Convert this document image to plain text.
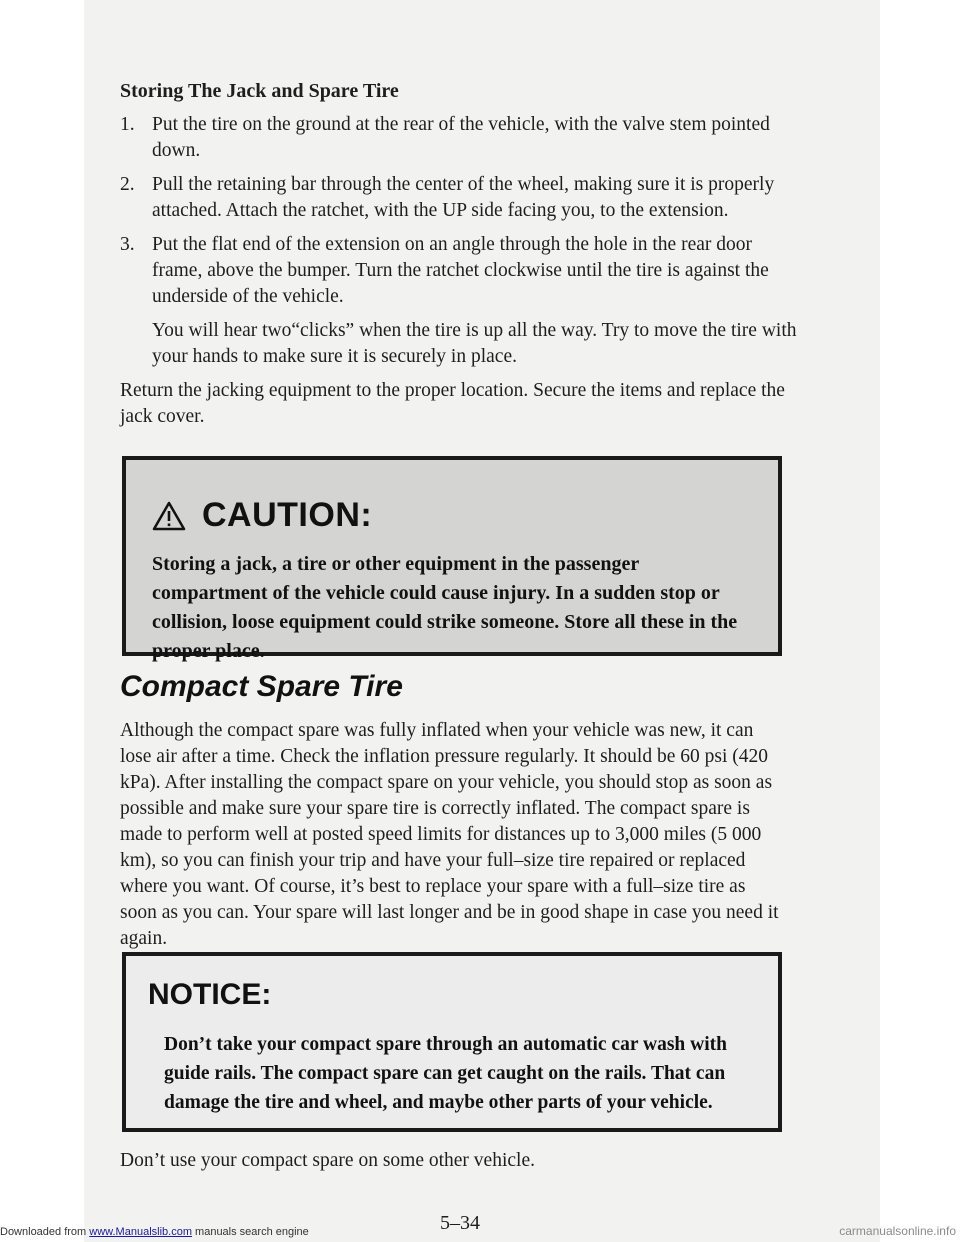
Storing The Jack and Spare Tire
1. Put the tire on the ground at the rear of the vehicle, with the valve stem pointed down.
2. Pull the retaining bar through the center of the wheel, making sure it is properly attached. Attach the ratchet, with the UP side facing you, to the extension.
3. Put the flat end of the extension on an angle through the hole in the rear door frame, above the bumper. Turn the ratchet clockwise until the tire is against the underside of the vehicle.

You will hear two“clicks” when the tire is up all the way. Try to move the tire with your hands to make sure it is securely in place.

Return the jacking equipment to the proper location. Secure the items and replace the jack cover.

CAUTION:
Storing a jack, a tire or other equipment in the passenger compartment of the vehicle could cause injury. In a sudden stop or collision, loose equipment could strike someone. Store all these in the proper place.
Compact Spare Tire
Although the compact spare was fully inflated when your vehicle was new, it can lose air after a time. Check the inflation pressure regularly. It should be 60 psi (420 kPa). After installing the compact spare on your vehicle, you should stop as soon as possible and make sure your spare tire is correctly inflated. The compact spare is made to perform well at posted speed limits for distances up to 3,000 miles (5 000 km), so you can finish your trip and have your full–size tire repaired or replaced where you want. Of course, it’s best to replace your spare with a full–size tire as soon as you can. Your spare will last longer and be in good shape in case you need it again.
NOTICE:
Don’t take your compact spare through an automatic car wash with guide rails. The compact spare can get caught on the rails. That can damage the tire and wheel, and maybe other parts of your vehicle.
Don’t use your compact spare on some other vehicle.
5–34
Downloaded from www.Manualslib.com manuals search engine	carmanualsonline.info
